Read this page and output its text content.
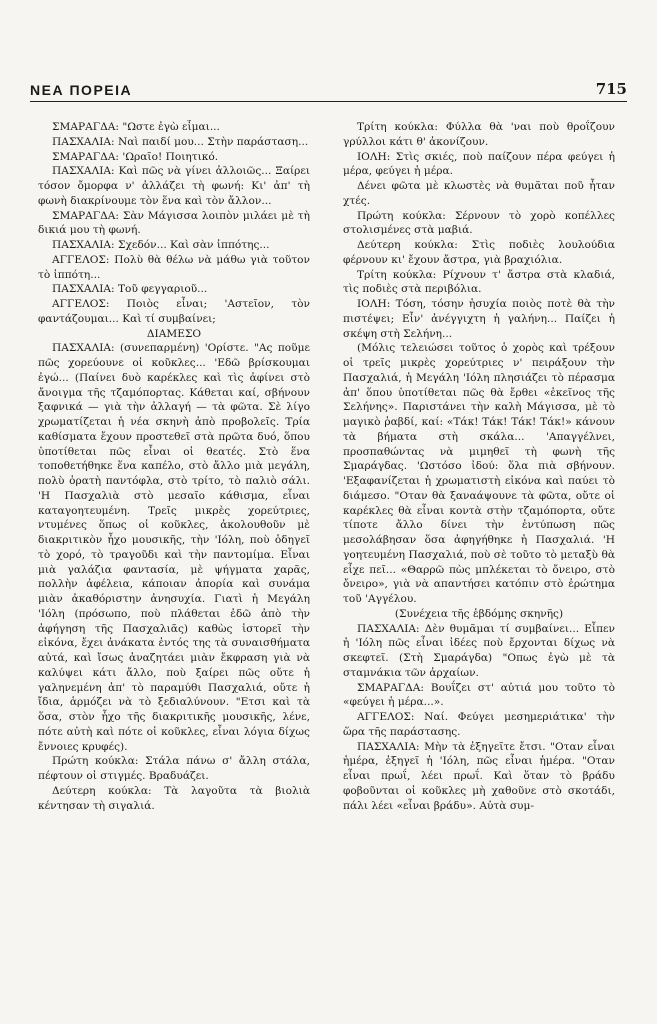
ΝΕΑ ΠΟΡΕΙΑ	715

ΣΜΑΡΑΓΔΑ: "Ωστε ἐγὼ εἶμαι...

ΠΑΣΧΑΛΙΑ: Ναὶ παιδί μου... Στὴν παράσταση...

ΣΜΑΡΑΓΔΑ: 'Ωραῖο! Ποιητικό.

ΠΑΣΧΑΛΙΑ: Καὶ πῶς νὰ γίνει ἀλλοιῶς... Ξαίρει τόσον ὄμορφα ν' ἀλλάζει τὴ φωνή: Κι' ἀπ' τὴ φωνὴ διακρίνουμε τὸν ἕνα καὶ τὸν ἄλλον...

ΣΜΑΡΑΓΔΑ: Σὰν Μάγισσα λοιπὸν μιλάει μὲ τὴ δικιά μου τὴ φωνή.

ΠΑΣΧΑΛΙΑ: Σχεδόν... Καὶ σὰν ἱππότης...

ΑΓΓΕΛΟΣ: Πολὺ θὰ θέλω νὰ μάθω γιὰ τοῦτον τὸ ἱππότη...

ΠΑΣΧΑΛΙΑ: Τοῦ φεγγαριοῦ...

ΑΓΓΕΛΟΣ: Ποιὸς εἶναι; 'Αστεῖον, τὸν φαντάζουμαι... Καὶ τί συμβαίνει;

ΔΙΑΜΕΣΟ

ΠΑΣΧΑΛΙΑ: (συνεπαρμένη) 'Ορίστε. "Ας ποῦμε πῶς χορεύουνε οἱ κοῦκλες... 'Εδῶ βρίσκουμαι ἐγώ... (Παίνει δυὸ καρέκλες καὶ τὶς ἀφίνει στὸ ἄνοιγμα τῆς τζαμόπορτας. Κάθεται καί, σβήνουν ξαφνικά — γιὰ τὴν ἀλλαγή — τὰ φῶτα. Σὲ λίγο χρωματίζεται ἡ νέα σκηνὴ ἀπὸ προβολεῖς. Τρία καθίσματα ἔχουν προστεθεῖ στὰ πρῶτα δυό, ὅπου ὑποτίθεται πῶς εἶναι οἱ θεατές. Στὸ ἕνα τοποθετήθηκε ἕνα καπέλο, στὸ ἄλλο μιὰ μεγάλη, πολὺ ὁρατὴ παντόφλα, στὸ τρίτο, τὸ παλιὸ σάλι. 'Η Πασχαλιὰ στὸ μεσαῖο κάθισμα, εἶναι καταγοητευμένη. Τρεῖς μικρὲς χορεύτριες, ντυμένες ὅπως οἱ κοῦκλες, ἀκολουθοῦν μὲ διακριτικὸν ἦχο μουσικῆς, τὴν 'Ιόλη, ποὺ ὁδηγεῖ τὸ χορό, τὸ τραγοῦδι καὶ τὴν παντομίμα. Εἶναι μιὰ γαλάζια φαντασία, μὲ ψήγματα χαρᾶς, πολλὴν ἀφέλεια, κάποιαν ἀπορία καὶ συνάμα μιὰν ἀκαθόριστην ἀνησυχία. Γιατὶ ἡ Μεγάλη 'Ιόλη (πρόσωπο, ποὺ πλάθεται ἐδῶ ἀπὸ τὴν ἀφήγηση τῆς Πασχαλιᾶς) καθὼς ἱστορεῖ τὴν εἰκόνα, ἔχει ἀνάκατα ἐντός της τὰ συναισθήματα αὐτά, καὶ ἴσως ἀναζητάει μιὰν ἔκφραση γιὰ νὰ καλύψει κάτι ἄλλο, ποὺ ξαίρει πῶς οὔτε ἡ γαληνεμένη ἀπ' τὸ παραμύθι Πασχαλιά, οὔτε ἡ ἴδια, ἁρμόζει νὰ τὸ ξεδιαλύνουν. "Ετσι καὶ τὰ ὅσα, στὸν ἦχο τῆς διακριτικῆς μουσικῆς, λένε, πότε αὐτὴ καὶ πότε οἱ κοῦκλες, εἶναι λόγια δίχως ἔννοιες κρυφές).

Πρώτη κούκλα: Στάλα πάνω σ' ἄλλη στάλα, πέφτουν οἱ στιγμές. Βραδυάζει.

Δεύτερη κούκλα: Τὰ λαγοῦτα τὰ βιολιὰ κέντησαν τὴ σιγαλιά.

Τρίτη κούκλα: Φύλλα θὰ 'ναι ποὺ θροΐζουν γρύλλοι κάτι θ' ἀκονίζουν.

ΙΟΛΗ: Στὶς σκιές, ποὺ παίζουν πέρα φεύγει ἡ μέρα, φεύγει ἡ μέρα.

Δένει φῶτα μὲ κλωστὲς νὰ θυμᾶται ποῦ ἦταν χτές.

Πρώτη κούκλα: Σέρνουν τὸ χορὸ κοπέλλες στολισμένες στὰ μαβιά.

Δεύτερη κούκλα: Στὶς ποδιὲς λουλούδια φέρνουν κι' ἔχουν ἄστρα, γιὰ βραχιόλια.

Τρίτη κούκλα: Ρίχνουν τ' ἄστρα στὰ κλαδιά, τὶς ποδιὲς στὰ περιβόλια.

ΙΟΛΗ: Τόση, τόσην ἡσυχία ποιὸς ποτὲ θὰ τὴν πιστέψει; Εἶν' ἀνέγγιχτη ἡ γαλήνη... Παίζει ἡ σκέψη στὴ Σελήνη...

(Μόλις τελειώσει τοῦτος ὁ χορὸς καὶ τρέξουν οἱ τρεῖς μικρὲς χορεύτριες ν' πειράξουν τὴν Πασχαλιά, ἡ Μεγάλη 'Ιόλη πλησιάζει τὸ πέρασμα ἀπ' ὅπου ὑποτίθεται πῶς θὰ ἔρθει «ἐκεῖνος τῆς Σελήνης». Παριστάνει τὴν καλὴ Μάγισσα, μὲ τὸ μαγικὸ ῥαβδί, καί: «Τάκ! Τάκ! Τάκ! Τάκ!» κάνουν τὰ βήματα στὴ σκάλα... 'Απαγγέλνει, προσπαθώντας νὰ μιμηθεῖ τὴ φωνὴ τῆς Σμαράγδας. 'Ωστόσο ἰδού: ὅλα πιὰ σβήνουν. 'Εξαφανίζεται ἡ χρωματιστὴ εἰκόνα καὶ παύει τὸ διάμεσο. "Οταν θὰ ξαναάψουνε τὰ φῶτα, οὔτε οἱ καρέκλες θὰ εἶναι κοντὰ στὴν τζαμόπορτα, οὔτε τίποτε ἄλλο δίνει τὴν ἐντύπωση πῶς μεσολάβησαν ὅσα ἀφηγήθηκε ἡ Πασχαλιά. 'Η γοητευμένη Πασχαλιά, ποὺ σὲ τοῦτο τὸ μεταξὺ θὰ εἶχε πεῖ... «Θαρρῶ πὼς μπλέκεται τὸ ὄνειρο, στὸ ὄνειρο», γιὰ νὰ απαντήσει κατόπιν στὸ ἐρώτημα τοῦ 'Αγγέλου.

(Συνέχεια τῆς ἑβδόμης σκηνῆς)

ΠΑΣΧΑΛΙΑ: Δὲν θυμᾶμαι τί συμβαίνει... Εἶπεν ἡ 'Ιόλη πῶς εἶναι ἰδέες ποὺ ἔρχονται δίχως νὰ σκεφτεῖ. (Στὴ Σμαράγδα) "Οπως ἐγὼ μὲ τὰ σταμνάκια τῶν ἀρχαίων.

ΣΜΑΡΑΓΔΑ: Βουΐζει στ' αὐτιά μου τοῦτο τὸ «φεύγει ἡ μέρα...».

ΑΓΓΕΛΟΣ: Ναί. Φεύγει μεσημεριάτικα' τὴν ὥρα τῆς παράστασης.

ΠΑΣΧΑΛΙΑ: Μὴν τὰ ἐξηγεῖτε ἔτσι. "Οταν εἶναι ἡμέρα, ἐξηγεῖ ἡ 'Ιόλη, πῶς εἶναι ἡμέρα. "Οταν εἶναι πρωΐ, λέει πρωΐ. Καὶ ὅταν τὸ βράδυ φοβοῦνται οἱ κοῦκλες μὴ χαθοῦνε στὸ σκοτάδι, πάλι λέει «εἶναι βράδυ». Αὐτὰ συμ-
